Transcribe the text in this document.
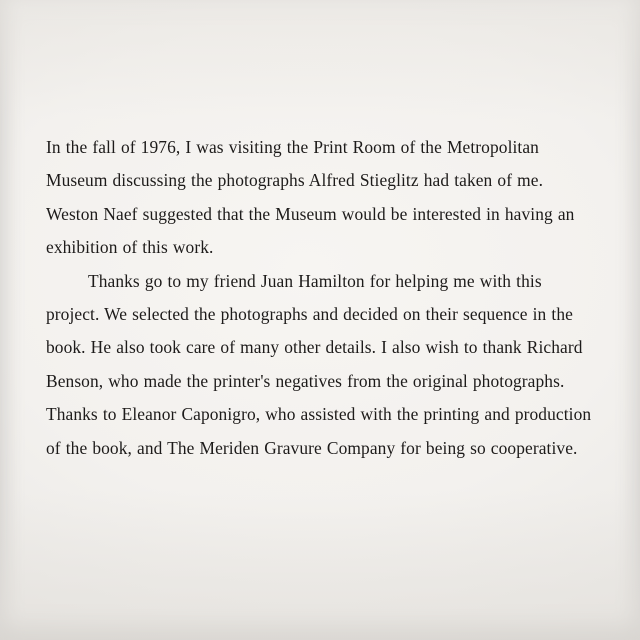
In the fall of 1976, I was visiting the Print Room of the Metropolitan Museum discussing the photographs Alfred Stieglitz had taken of me. Weston Naef suggested that the Museum would be interested in having an exhibition of this work.

Thanks go to my friend Juan Hamilton for helping me with this project. We selected the photographs and decided on their sequence in the book. He also took care of many other details. I also wish to thank Richard Benson, who made the printer's negatives from the original photographs. Thanks to Eleanor Caponigro, who assisted with the printing and production of the book, and The Meriden Gravure Company for being so cooperative.
